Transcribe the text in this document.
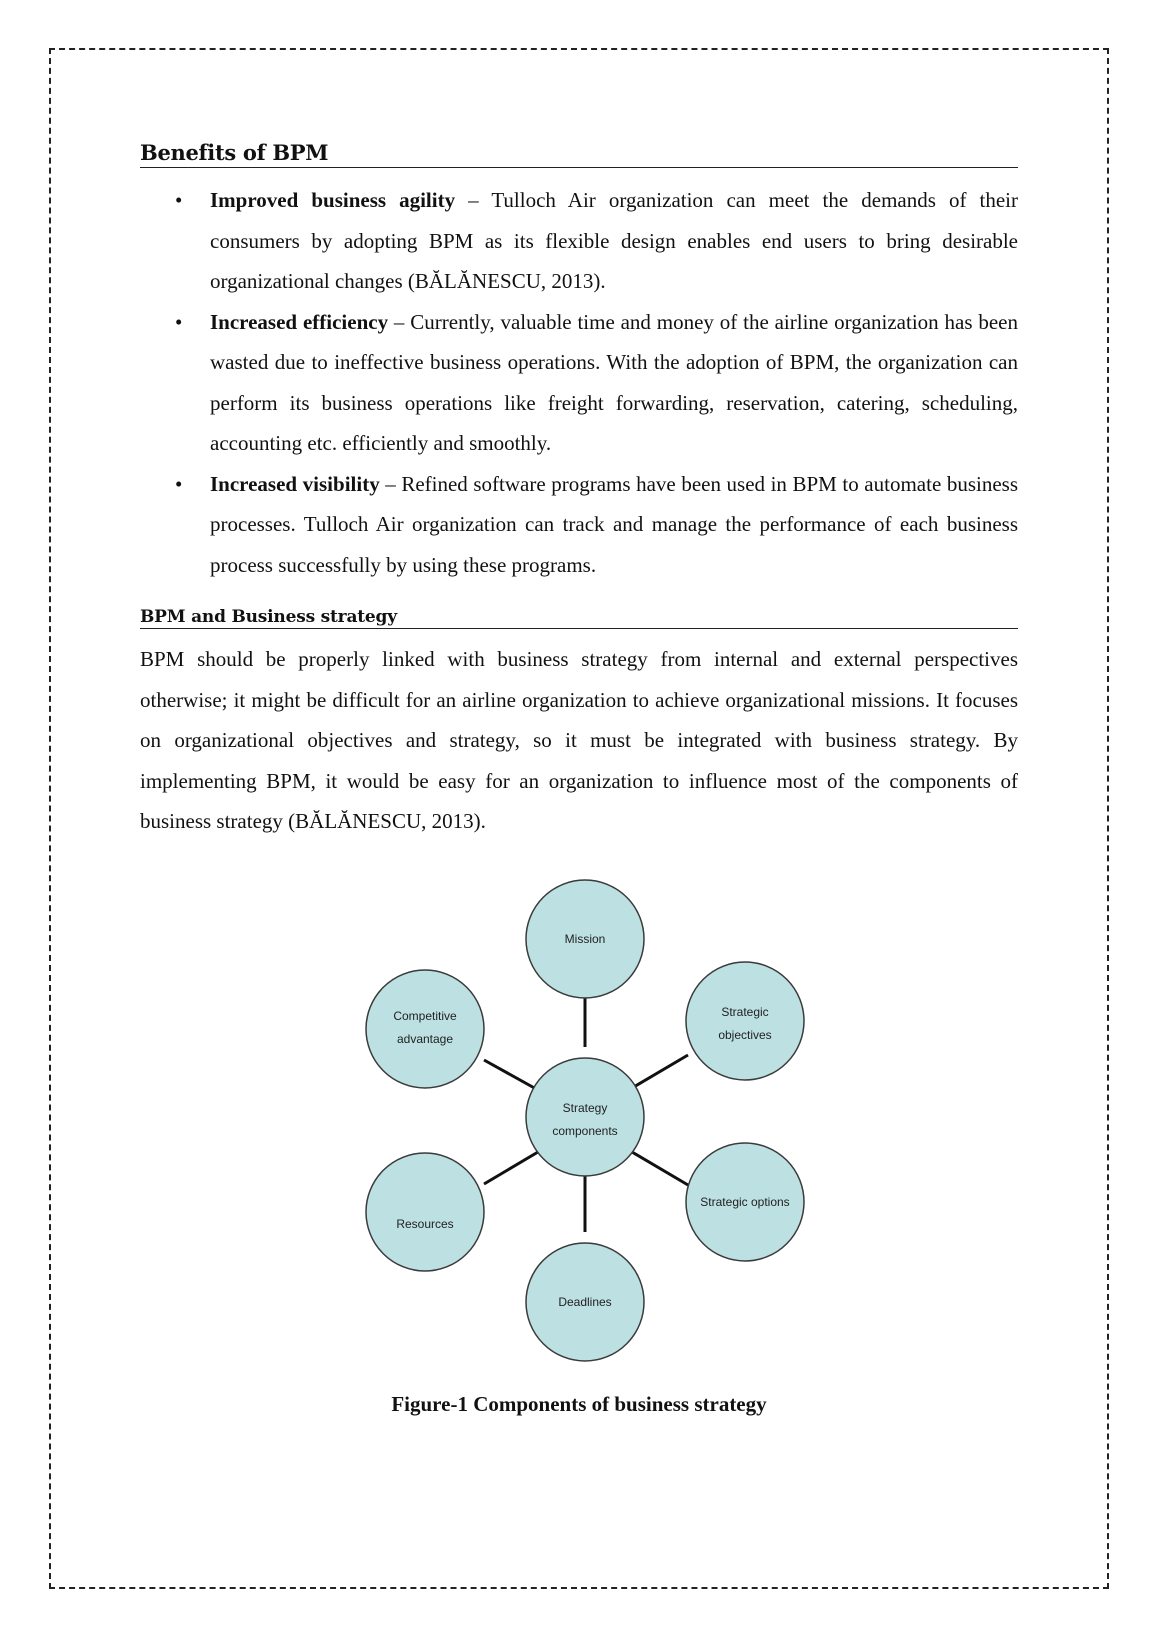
Benefits of BPM
• Improved business agility – Tulloch Air organization can meet the demands of their consumers by adopting BPM as its flexible design enables end users to bring desirable organizational changes (BĂLĂNESCU, 2013).
• Increased efficiency – Currently, valuable time and money of the airline organization has been wasted due to ineffective business operations. With the adoption of BPM, the organization can perform its business operations like freight forwarding, reservation, catering, scheduling, accounting etc. efficiently and smoothly.
• Increased visibility – Refined software programs have been used in BPM to automate business processes. Tulloch Air organization can track and manage the performance of each business process successfully by using these programs.
BPM and Business strategy

BPM should be properly linked with business strategy from internal and external perspectives otherwise; it might be difficult for an airline organization to achieve organizational missions. It focuses on organizational objectives and strategy, so it must be integrated with business strategy. By implementing BPM, it would be easy for an organization to influence most of the components of business strategy (BĂLĂNESCU, 2013).

Mission
Strategic
objectives
Strategic options
Deadlines
Resources
Competitive
advantage
Strategy
components
Figure-1 Components of business strategy
